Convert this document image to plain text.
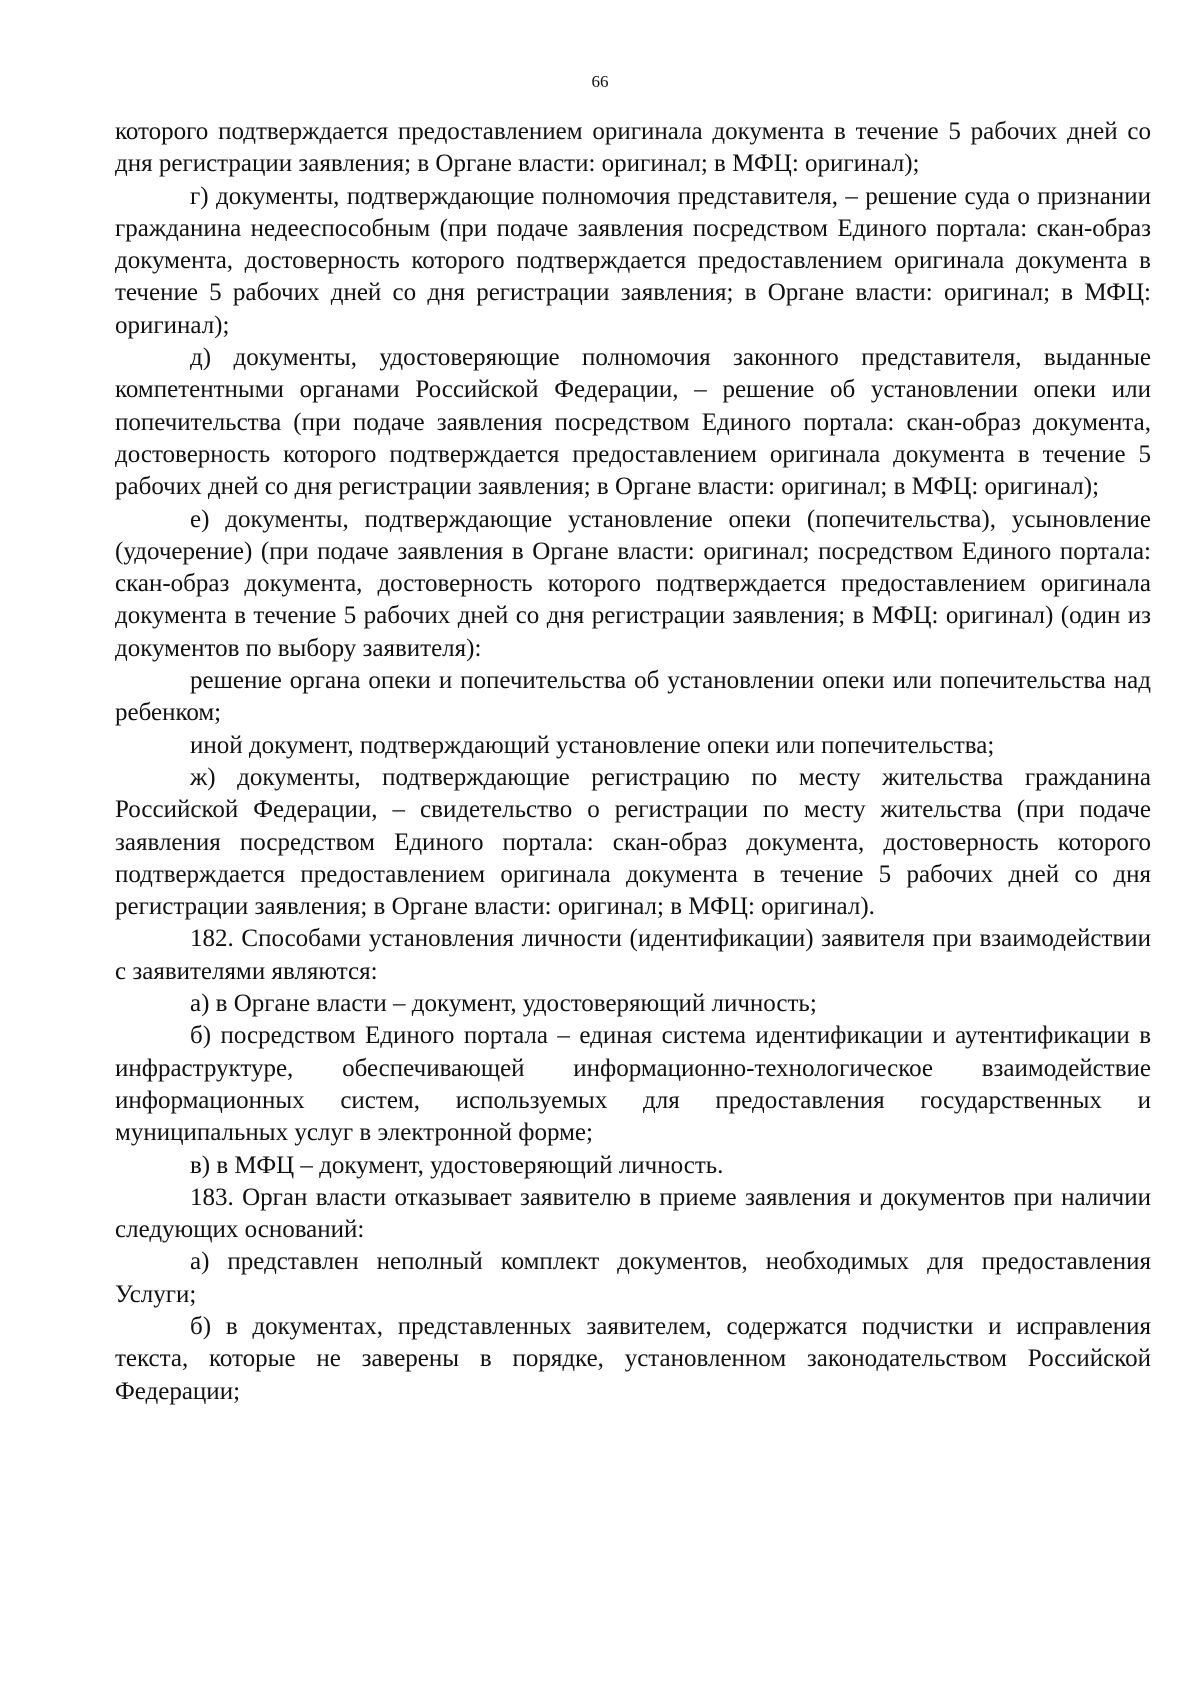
66

которого подтверждается предоставлением оригинала документа в течение 5 рабочих дней со дня регистрации заявления; в Органе власти: оригинал; в МФЦ: оригинал);

г) документы, подтверждающие полномочия представителя, – решение суда о признании гражданина недееспособным (при подаче заявления посредством Единого портала: скан-образ документа, достоверность которого подтверждается предоставлением оригинала документа в течение 5 рабочих дней со дня регистрации заявления; в Органе власти: оригинал; в МФЦ: оригинал);

д) документы, удостоверяющие полномочия законного представителя, выданные компетентными органами Российской Федерации, – решение об установлении опеки или попечительства (при подаче заявления посредством Единого портала: скан-образ документа, достоверность которого подтверждается предоставлением оригинала документа в течение 5 рабочих дней со дня регистрации заявления; в Органе власти: оригинал; в МФЦ: оригинал);

е) документы, подтверждающие установление опеки (попечительства), усыновление (удочерение) (при подаче заявления в Органе власти: оригинал; посредством Единого портала: скан-образ документа, достоверность которого подтверждается предоставлением оригинала документа в течение 5 рабочих дней со дня регистрации заявления; в МФЦ: оригинал) (один из документов по выбору заявителя):

решение органа опеки и попечительства об установлении опеки или попечительства над ребенком;

иной документ, подтверждающий установление опеки или попечительства;

ж) документы, подтверждающие регистрацию по месту жительства гражданина Российской Федерации, – свидетельство о регистрации по месту жительства (при подаче заявления посредством Единого портала: скан-образ документа, достоверность которого подтверждается предоставлением оригинала документа в течение 5 рабочих дней со дня регистрации заявления; в Органе власти: оригинал; в МФЦ: оригинал).

182. Способами установления личности (идентификации) заявителя при взаимодействии с заявителями являются:

а) в Органе власти – документ, удостоверяющий личность;

б) посредством Единого портала – единая система идентификации и аутентификации в инфраструктуре, обеспечивающей информационно-технологическое взаимодействие информационных систем, используемых для предоставления государственных и муниципальных услуг в электронной форме;

в) в МФЦ – документ, удостоверяющий личность.

183. Орган власти отказывает заявителю в приеме заявления и документов при наличии следующих оснований:

а) представлен неполный комплект документов, необходимых для предоставления Услуги;

б) в документах, представленных заявителем, содержатся подчистки и исправления текста, которые не заверены в порядке, установленном законодательством Российской Федерации;
